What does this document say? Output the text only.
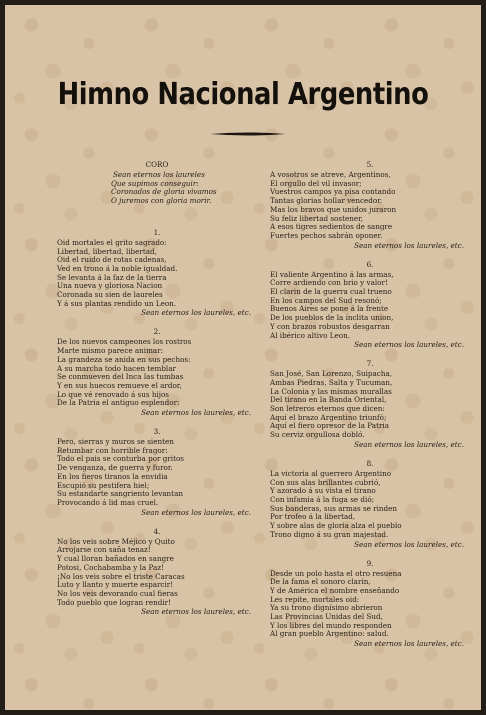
Himno Nacional Argentino
CORO
Sean eternos los laureles
Que supimos conseguir:
Coronados de gloria vivamos
O juremos con gloria morir.
1.
Oid mortales el grito sagrado:
Libertad, libertad, libertad,
Oid el ruido de rotas cadenas,
Ved en trono á la noble igualdad.
Se levanta á la faz de la tierra
Una nueva y gloriosa Nacion
Coronada su sien de laureles
Y á sus plantas rendido un Leon.
Sean eternos los laureles, etc.
2.
De los nuevos campeones los rostros
Marte mismo parece animar:
La grandeza se anida en sus pechos:
A su marcha todo hacen temblar
Se conmueven del Inca las tumbas
Y en sus huecos remueve el ardor,
Lo que vé renovado á sus hijos
De la Patria el antiguo esplendor:
Sean eternos los laureles, etc.
3.
Pero, sierras y muros se sienten
Retumbar con horrible fragor:
Todo el pais se conturba por gritos
De venganza, de guerra y furor.
En los fieros tiranos la envidia
Escupió su pestifera hiel;
Su estandarte sangriento levantan
Provocando á lid mas cruel.
Sean eternos los laureles, etc.
4.
No los veis sobre Méjico y Quito
Arrojarse con saña tenaz!
Y cual lloran bañados en sangre
Potosi, Cochabamba y la Paz!
¡No los veis sobre el triste Caracas
Luto y llanto y muerte esparcir!
No los veis devorando cual fieras
Todo pueblo que logran rendir!
Sean eternos los laureles, etc.
5.
A vosotros se atreve, Argentinos,
El orgullo del vil invasor;
Vuestros campos ya pisa contando
Tantas glorias hollar vencedor.
Mas los bravos que unidos juraron
Su feliz libertad sostener,
A esos tigres sedientos de sangre
Fuertes pechos sabrán oponer.
Sean eternos los laureles, etc.
6.
El valiente Argentino á las armas,
Corre ardiendo con brio y valor!
El clarin de la guerra cual trueno
En los campos del Sud resonó;
Buenos Aires se pone á la frente
De los pueblos de la ínclita union,
Y con brazos robustos desgarran
Al ibérico altivo Leon.
Sean eternos los laureles, etc.
7.
San José, San Lorenzo, Suipacha,
Ambas Piedras, Salta y Tucuman,
La Colonia y las mismas murallas
Del tirano en la Banda Oriental,
Son letreros eternos que dicen:
Aquí el brazo Argentino triunfó;
Aquí el fiero opresor de la Patria
Su cerviz orgullosa dobló.
Sean eternos los laureles, etc.
8.
La victoria al guerrero Argentino
Con sus alas brillantes cubrió,
Y azorado á su vista el tirano
Con infamia á la fuga se dió;
Sus banderas, sus armas se rinden
Por trofeo á la libertad,
Y sobre alas de gloria alza el pueblo
Trono digno á su gran majestad.
Sean eternos los laureles, etc.
9.
Desde un polo hasta el otro resuena
De la fama el sonoro clarín,
Y de América el nombre enseñando
Les repite, mortales oid:
Ya su trono dignísimo abrieron
Las Provincias Unidas del Sud,
Y los libres del mundo responden
Al gran pueblo Argentino: salud.
Sean eternos los laureles, etc.
